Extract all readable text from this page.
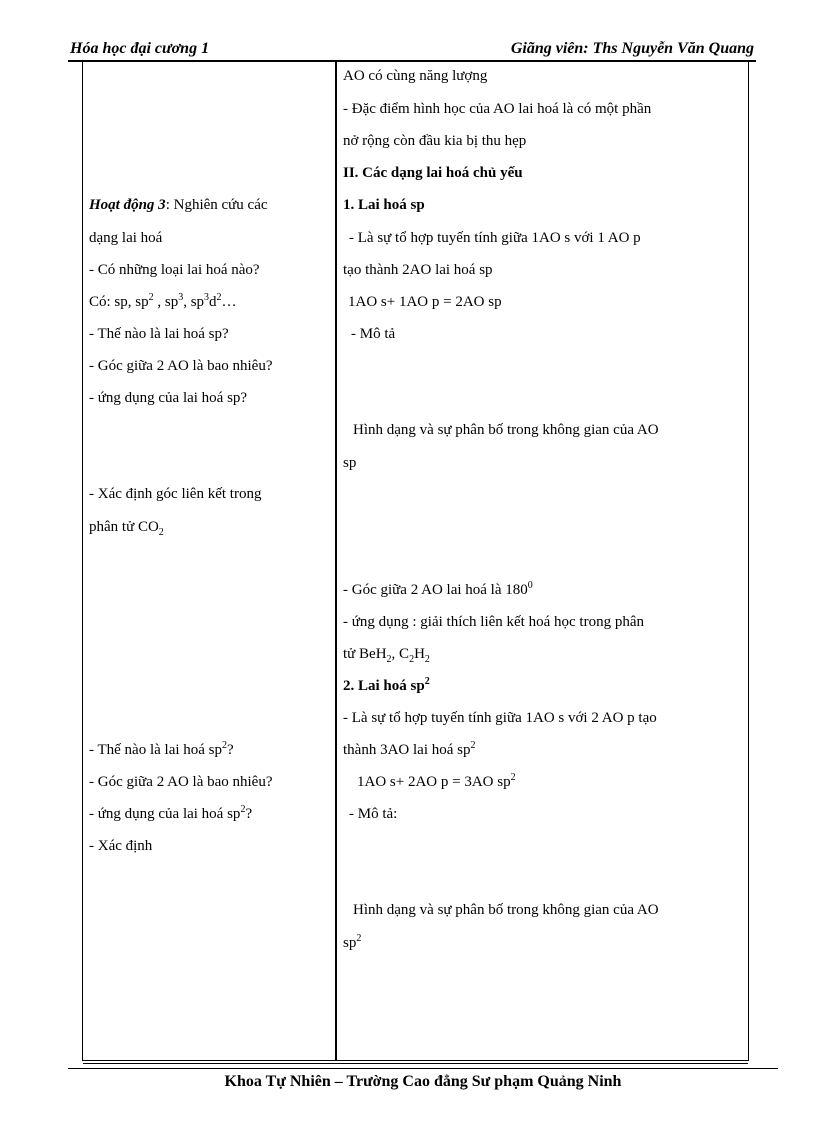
Hóa học đại cương 1	Giãng viên: Ths Nguyễn Văn Quang
Hoạt động 3: Nghiên cứu các
dạng lai hoá
- Có những loại lai hoá nào?
Có: sp, $sp^2$ , $sp^3$, $sp^3d^2\dots$
- Thế nào là lai hoá sp?
- Góc giữa 2 AO là bao nhiêu?
- ứng dụng của lai hoá sp?
- Xác định góc liên kết trong
phân tử $CO_2$
- Thế nào là lai hoá $sp^2$?
- Góc giữa 2 AO là bao nhiêu?
- ứng dụng của lai hoá $sp^2$?
- Xác định
AO có cùng năng lượng
- Đặc điểm hình học của AO lai hoá là có một phần
nở rộng còn đầu kia bị thu hẹp
II. Các dạng lai hoá chủ yếu
1. Lai hoá sp
- Là sự tổ hợp tuyến tính giữa 1AO s với 1 AO p
tạo thành 2AO lai hoá sp
1AO s+ 1AO p = 2AO sp
- Mô tả
Hình dạng và sự phân bố trong không gian của AO
sp
- Góc giữa 2 AO lai hoá là $180^0$
- ứng dụng : giải thích liên kết hoá học trong phân
tử BeH$_2$, $C_2H_2$
2. Lai hoá $sp^2$
- Là sự tổ hợp tuyến tính giữa 1AO s với 2 AO p tạo
thành 3AO lai hoá $sp^2$
1AO s+ 2AO p = 3AO $sp^2$
- Mô tả:
Hình dạng và sự phân bố trong không gian của AO
$sp^2$
Khoa Tự Nhiên – Trường Cao đẳng Sư phạm Quảng Ninh
